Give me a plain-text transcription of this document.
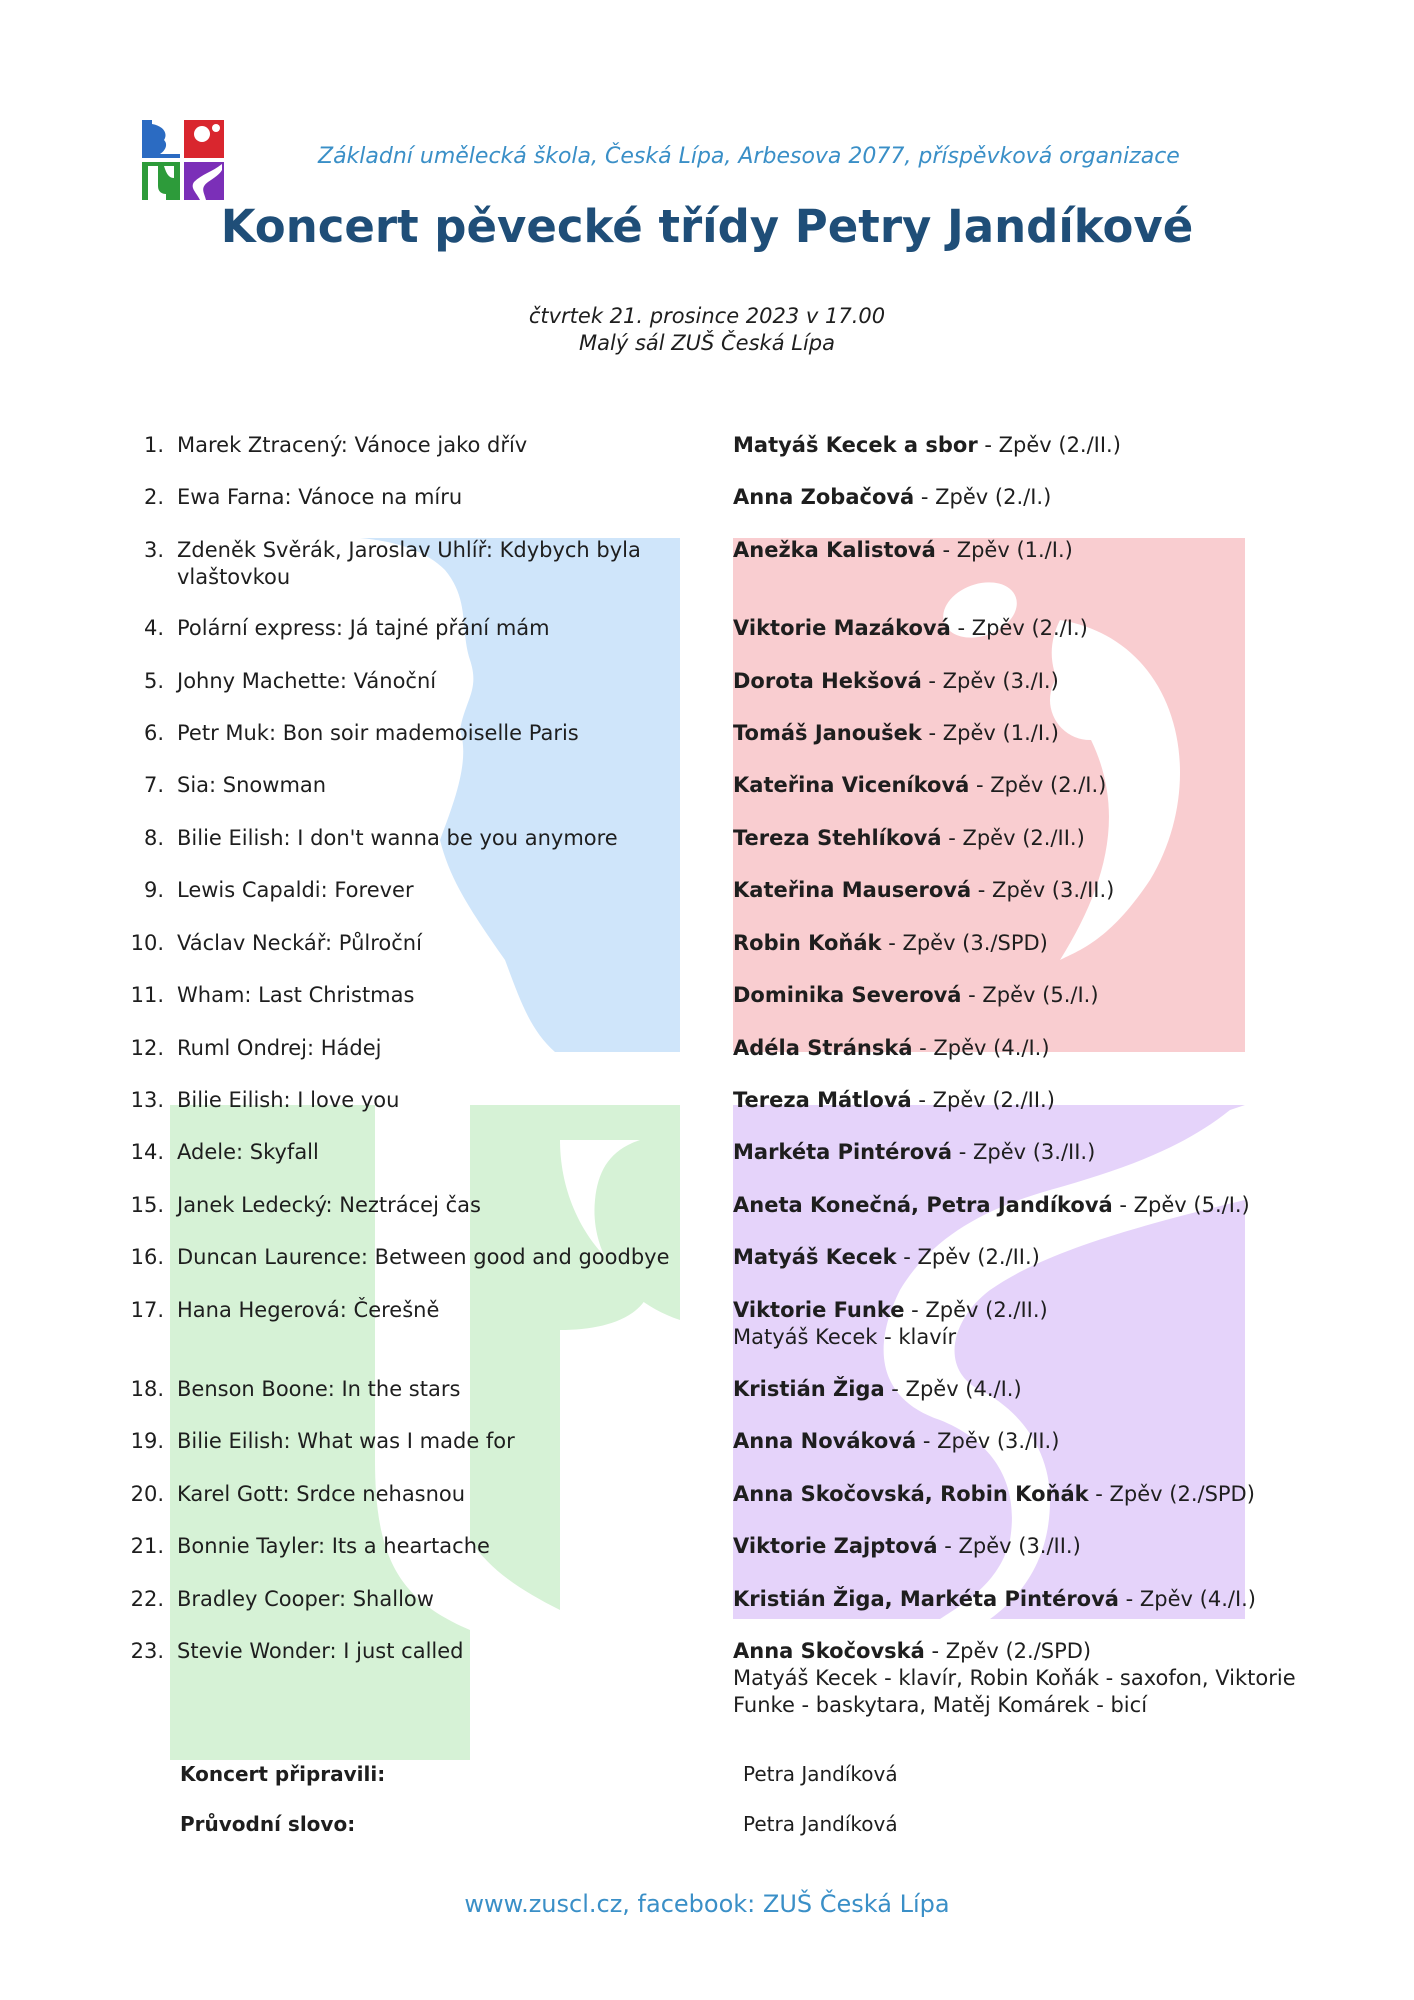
Základní umělecká škola, Česká Lípa, Arbesova 2077, příspěvková organizace
Koncert pěvecké třídy Petry Jandíkové
čtvrtek 21. prosince 2023 v 17.00
Malý sál ZUŠ Česká Lípa
1. Marek Ztracený: Vánoce jako dřív	Matyáš Kecek a sbor - Zpěv (2./II.)
2. Ewa Farna: Vánoce na míru	Anna Zobačová - Zpěv (2./I.)
3. Zdeněk Svěrák, Jaroslav Uhlíř: Kdybych byla vlaštovkou
Anežka Kalistová - Zpěv (1./I.)
4. Polární express: Já tajné přání mám	Viktorie Mazáková - Zpěv (2./I.)
5. Johny Machette: Vánoční	Dorota Hekšová - Zpěv (3./I.)
6. Petr Muk: Bon soir mademoiselle Paris	Tomáš Janoušek - Zpěv (1./I.)
7. Sia: Snowman	Kateřina Viceníková - Zpěv (2./I.)
8. Bilie Eilish: I don't wanna be you anymore	Tereza Stehlíková - Zpěv (2./II.)
9. Lewis Capaldi: Forever	Kateřina Mauserová - Zpěv (3./II.)
10. Václav Neckář: Půlroční	Robin Koňák - Zpěv (3./SPD)
11. Wham: Last Christmas	Dominika Severová - Zpěv (5./I.)
12. Ruml Ondrej: Hádej	Adéla Stránská - Zpěv (4./I.)
13. Bilie Eilish: I love you	Tereza Mátlová - Zpěv (2./II.)
14. Adele: Skyfall	Markéta Pintérová - Zpěv (3./II.)
15. Janek Ledecký: Neztrácej čas	Aneta Konečná, Petra Jandíková - Zpěv (5./I.)
16. Duncan Laurence: Between good and goodbye	Matyáš Kecek - Zpěv (2./II.)
17. Hana Hegerová: Čerešně	Viktorie Funke - Zpěv (2./II.)
Matyáš Kecek - klavír
18. Benson Boone: In the stars	Kristián Žiga - Zpěv (4./I.)
19. Bilie Eilish: What was I made for	Anna Nováková - Zpěv (3./II.)
20. Karel Gott: Srdce nehasnou	Anna Skočovská, Robin Koňák - Zpěv (2./SPD)
21. Bonnie Tayler: Its a heartache	Viktorie Zajptová - Zpěv (3./II.)
22. Bradley Cooper: Shallow	Kristián Žiga, Markéta Pintérová - Zpěv (4./I.)
23. Stevie Wonder: I just called	Anna Skočovská - Zpěv (2./SPD)
Matyáš Kecek - klavír, Robin Koňák - saxofon, Viktorie Funke - baskytara, Matěj Komárek - bicí
Koncert připravili:	Petra Jandíková
Průvodní slovo:	Petra Jandíková
www.zuscl.cz, facebook: ZUŠ Česká Lípa
